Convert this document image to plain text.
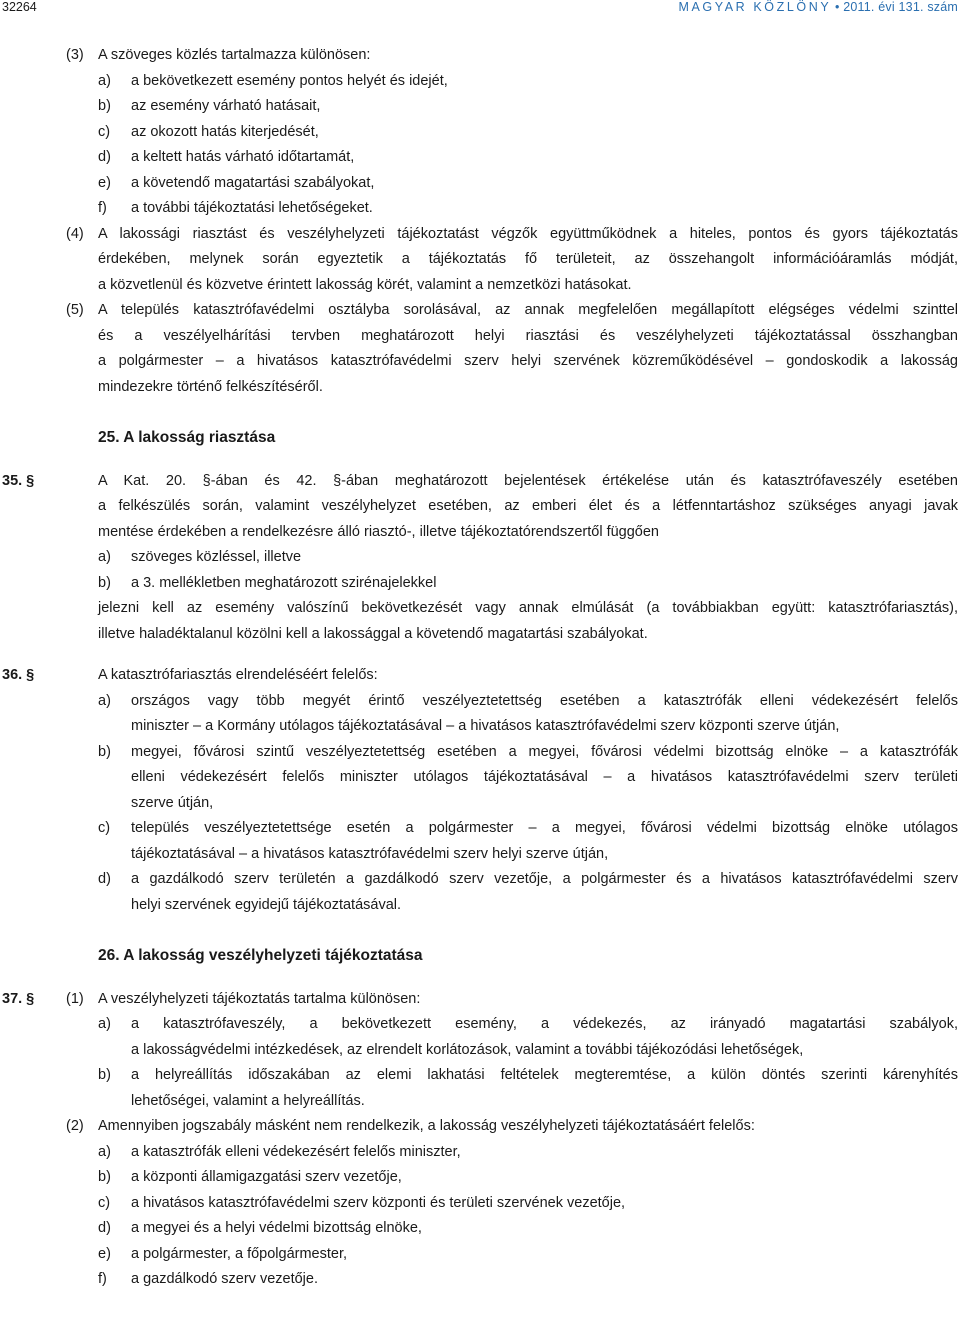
32264	MAGYAR KÖZLÖNY • 2011. évi 131. szám
(3) A szöveges közlés tartalmazza különösen:
a) a bekövetkezett esemény pontos helyét és idejét,
b) az esemény várható hatásait,
c) az okozott hatás kiterjedését,
d) a keltett hatás várható időtartamát,
e) a követendő magatartási szabályokat,
f) a további tájékoztatási lehetőségeket.
(4) A lakossági riasztást és veszélyhelyzeti tájékoztatást végzők együttműködnek a hiteles, pontos és gyors tájékoztatás
érdekében, melynek során egyeztetik a tájékoztatás fő területeit, az összehangolt információáramlás módját,
a közvetlenül és közvetve érintett lakosság körét, valamint a nemzetközi hatásokat.
(5) A település katasztrófavédelmi osztályba sorolásával, az annak megfelelően megállapított elégséges védelmi szinttel
és a veszélyelhárítási tervben meghatározott helyi riasztási és veszélyhelyzeti tájékoztatással összhangban
a polgármester – a hivatásos katasztrófavédelmi szerv helyi szervének közreműködésével – gondoskodik a lakosság
mindezekre történő felkészítéséről.
25. A lakosság riasztása
35. §	A Kat. 20. §-ában és 42. §-ában meghatározott bejelentések értékelése után és katasztrófaveszély esetében
a felkészülés során, valamint veszélyhelyzet esetében, az emberi élet és a létfenntartáshoz szükséges anyagi javak
mentése érdekében a rendelkezésre álló riasztó-, illetve tájékoztatórendszertől függően
a) szöveges közléssel, illetve
b) a 3. mellékletben meghatározott szirénajelekkel
jelezni kell az esemény valószínű bekövetkezését vagy annak elmúlását (a továbbiakban együtt: katasztrófariasztás),
illetve haladéktalanul közölni kell a lakossággal a követendő magatartási szabályokat.
36. §	A katasztrófariasztás elrendeléséért felelős:
a) országos vagy több megyét érintő veszélyeztetettség esetében a katasztrófák elleni védekezésért felelős
miniszter – a Kormány utólagos tájékoztatásával – a hivatásos katasztrófavédelmi szerv központi szerve útján,
b) megyei, fővárosi szintű veszélyeztetettség esetében a megyei, fővárosi védelmi bizottság elnöke – a katasztrófák
elleni védekezésért felelős miniszter utólagos tájékoztatásával – a hivatásos katasztrófavédelmi szerv területi
szerve útján,
c) település veszélyeztetettsége esetén a polgármester – a megyei, fővárosi védelmi bizottság elnöke utólagos
tájékoztatásával – a hivatásos katasztrófavédelmi szerv helyi szerve útján,
d) a gazdálkodó szerv területén a gazdálkodó szerv vezetője, a polgármester és a hivatásos katasztrófavédelmi szerv
helyi szervének egyidejű tájékoztatásával.
26. A lakosság veszélyhelyzeti tájékoztatása
37. § (1) A veszélyhelyzeti tájékoztatás tartalma különösen:
a) a katasztrófaveszély, a bekövetkezett esemény, a védekezés, az irányadó magatartási szabályok,
a lakosságvédelmi intézkedések, az elrendelt korlátozások, valamint a további tájékozódási lehetőségek,
b) a helyreállítás időszakában az elemi lakhatási feltételek megteremtése, a külön döntés szerinti kárenyhítés
lehetőségei, valamint a helyreállítás.
(2) Amennyiben jogszabály másként nem rendelkezik, a lakosság veszélyhelyzeti tájékoztatásáért felelős:
a) a katasztrófák elleni védekezésért felelős miniszter,
b) a központi államigazgatási szerv vezetője,
c) a hivatásos katasztrófavédelmi szerv központi és területi szervének vezetője,
d) a megyei és a helyi védelmi bizottság elnöke,
e) a polgármester, a főpolgármester,
f) a gazdálkodó szerv vezetője.
